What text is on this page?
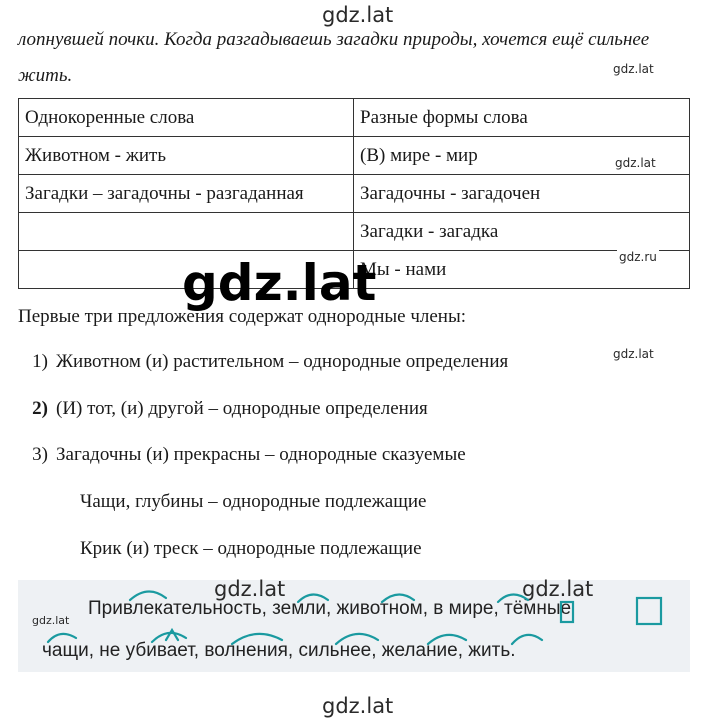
gdz.lat
gdz.lat
лопнувшей почки. Когда разгадываешь загадки природы, хочется ещё сильнее жить.
Однокоренные слова	Разные формы слова
Животном - жить	(В) мире - мир
Загадки – загадочны - разгаданная	Загадочны - загадочен
	Загадки - загадка
	Мы - нами
gdz.lat
gdz.lat	gdz.ru
Первые три предложения содержат однородные члены:
1) Животном (и) растительном – однородные определения	gdz.lat
2) (И) тот, (и) другой – однородные определения
3) Загадочны (и) прекрасны – однородные сказуемые
Чащи, глубины – однородные подлежащие
Крик (и) треск – однородные подлежащие
gdz.lat	gdz.lat
gdz.lat
Привлекательность, земли, животном, в мире, тёмные
чащи, не убивает, волнения, сильнее, желание, жить.
gdz.lat
